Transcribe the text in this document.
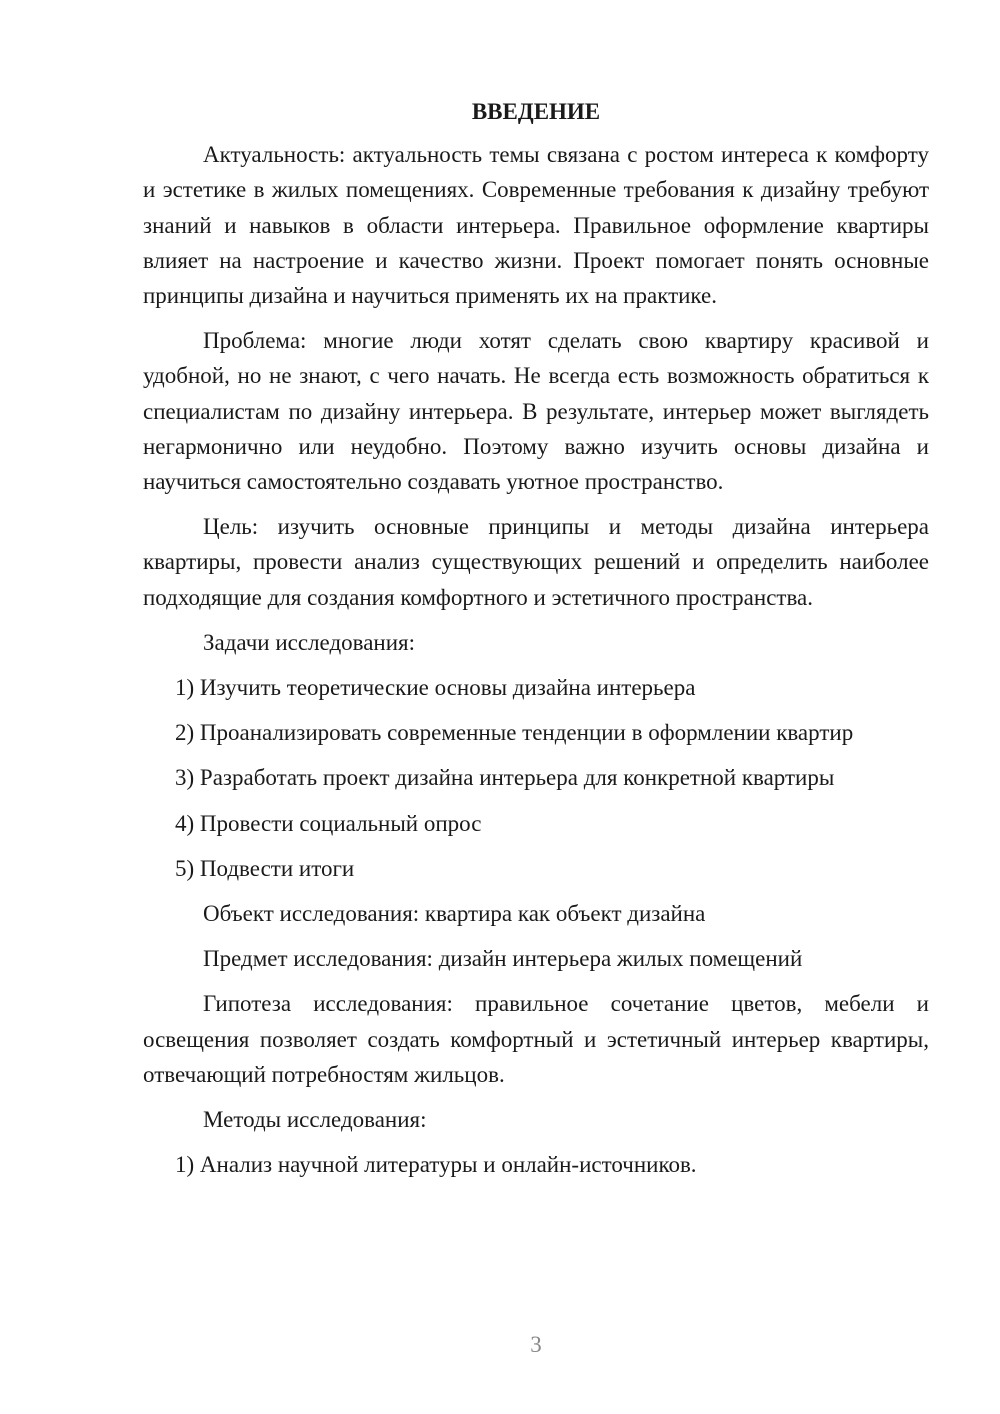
ВВЕДЕНИЕ

Актуальность: актуальность темы связана с ростом интереса к комфорту и эстетике в жилых помещениях. Современные требования к дизайну требуют знаний и навыков в области интерьера. Правильное оформление квартиры влияет на настроение и качество жизни. Проект помогает понять основные принципы дизайна и научиться применять их на практике.

Проблема: многие люди хотят сделать свою квартиру красивой и удобной, но не знают, с чего начать. Не всегда есть возможность обратиться к специалистам по дизайну интерьера. В результате, интерьер может выглядеть негармонично или неудобно. Поэтому важно изучить основы дизайна и научиться самостоятельно создавать уютное пространство.

Цель: изучить основные принципы и методы дизайна интерьера квартиры, провести анализ существующих решений и определить наиболее подходящие для создания комфортного и эстетичного пространства.

Задачи исследования:
1) Изучить теоретические основы дизайна интерьера
2) Проанализировать современные тенденции в оформлении квартир
3) Разработать проект дизайна интерьера для конкретной квартиры
4) Провести социальный опрос
5) Подвести итоги
Объект исследования: квартира как объект дизайна
Предмет исследования: дизайн интерьера жилых помещений

Гипотеза исследования: правильное сочетание цветов, мебели и освещения позволяет создать комфортный и эстетичный интерьер квартиры, отвечающий потребностям жильцов.

Методы исследования:
1) Анализ научной литературы и онлайн-источников.
3
